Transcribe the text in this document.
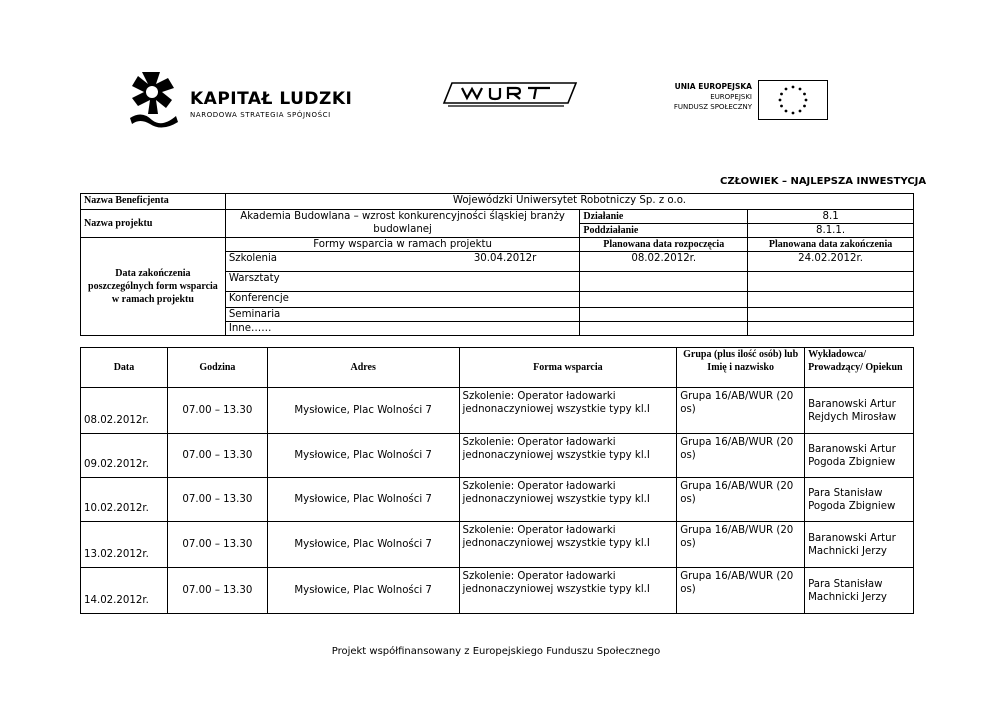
KAPITAŁ LUDZKI
NARODOWA STRATEGIA SPÓJNOŚCI
UNIA EUROPEJSKA
EUROPEJSKI
FUNDUSZ SPOŁECZNY
CZŁOWIEK – NAJLEPSZA INWESTYCJA
Nazwa Beneficjenta	Wojewódzki Uniwersytet Robotniczy Sp. z o.o.		
Nazwa projektu	Akademia Budowlana – wzrost konkurencyjności śląskiej branży budowlanej	Działanie	8.1
		Poddziałanie	8.1.1.
Data zakończenia poszczególnych form wsparcia w ramach projektu	Formy wsparcia w ramach projektu	Planowana data rozpoczęcia	Planowana data zakończenia
	Szkolenia 30.04.2012r	08.02.2012r.	24.02.2012r.
	Warsztaty		
	Konferencje		
	Seminaria		
	Inne……		
Data	Godzina	Adres	Forma wsparcia	Grupa (plus ilość osób) lub Imię i nazwisko	Wykładowca/ Prowadzący/ Opiekun
08.02.2012r.	07.00 – 13.30	Mysłowice, Plac Wolności 7	Szkolenie: Operator ładowarki jednonaczyniowej wszystkie typy kl.I	Grupa 16/AB/WUR (20 os)	Baranowski Artur
Rejdych Mirosław

09.02.2012r.	07.00 – 13.30	Mysłowice, Plac Wolności 7	Szkolenie: Operator ładowarki jednonaczyniowej wszystkie typy kl.I	Grupa 16/AB/WUR (20 os)	Baranowski Artur
Pogoda Zbigniew

10.02.2012r.	07.00 – 13.30	Mysłowice, Plac Wolności 7	Szkolenie: Operator ładowarki jednonaczyniowej wszystkie typy kl.I	Grupa 16/AB/WUR (20 os)	Para Stanisław
Pogoda Zbigniew

13.02.2012r.	07.00 – 13.30	Mysłowice, Plac Wolności 7	Szkolenie: Operator ładowarki jednonaczyniowej wszystkie typy kl.I	Grupa 16/AB/WUR (20 os)	Baranowski Artur
Machnicki Jerzy

14.02.2012r.	07.00 – 13.30	Mysłowice, Plac Wolności 7	Szkolenie: Operator ładowarki jednonaczyniowej wszystkie typy kl.I	Grupa 16/AB/WUR (20 os)	Para Stanisław
Machnicki Jerzy
Projekt współfinansowany z Europejskiego Funduszu Społecznego
